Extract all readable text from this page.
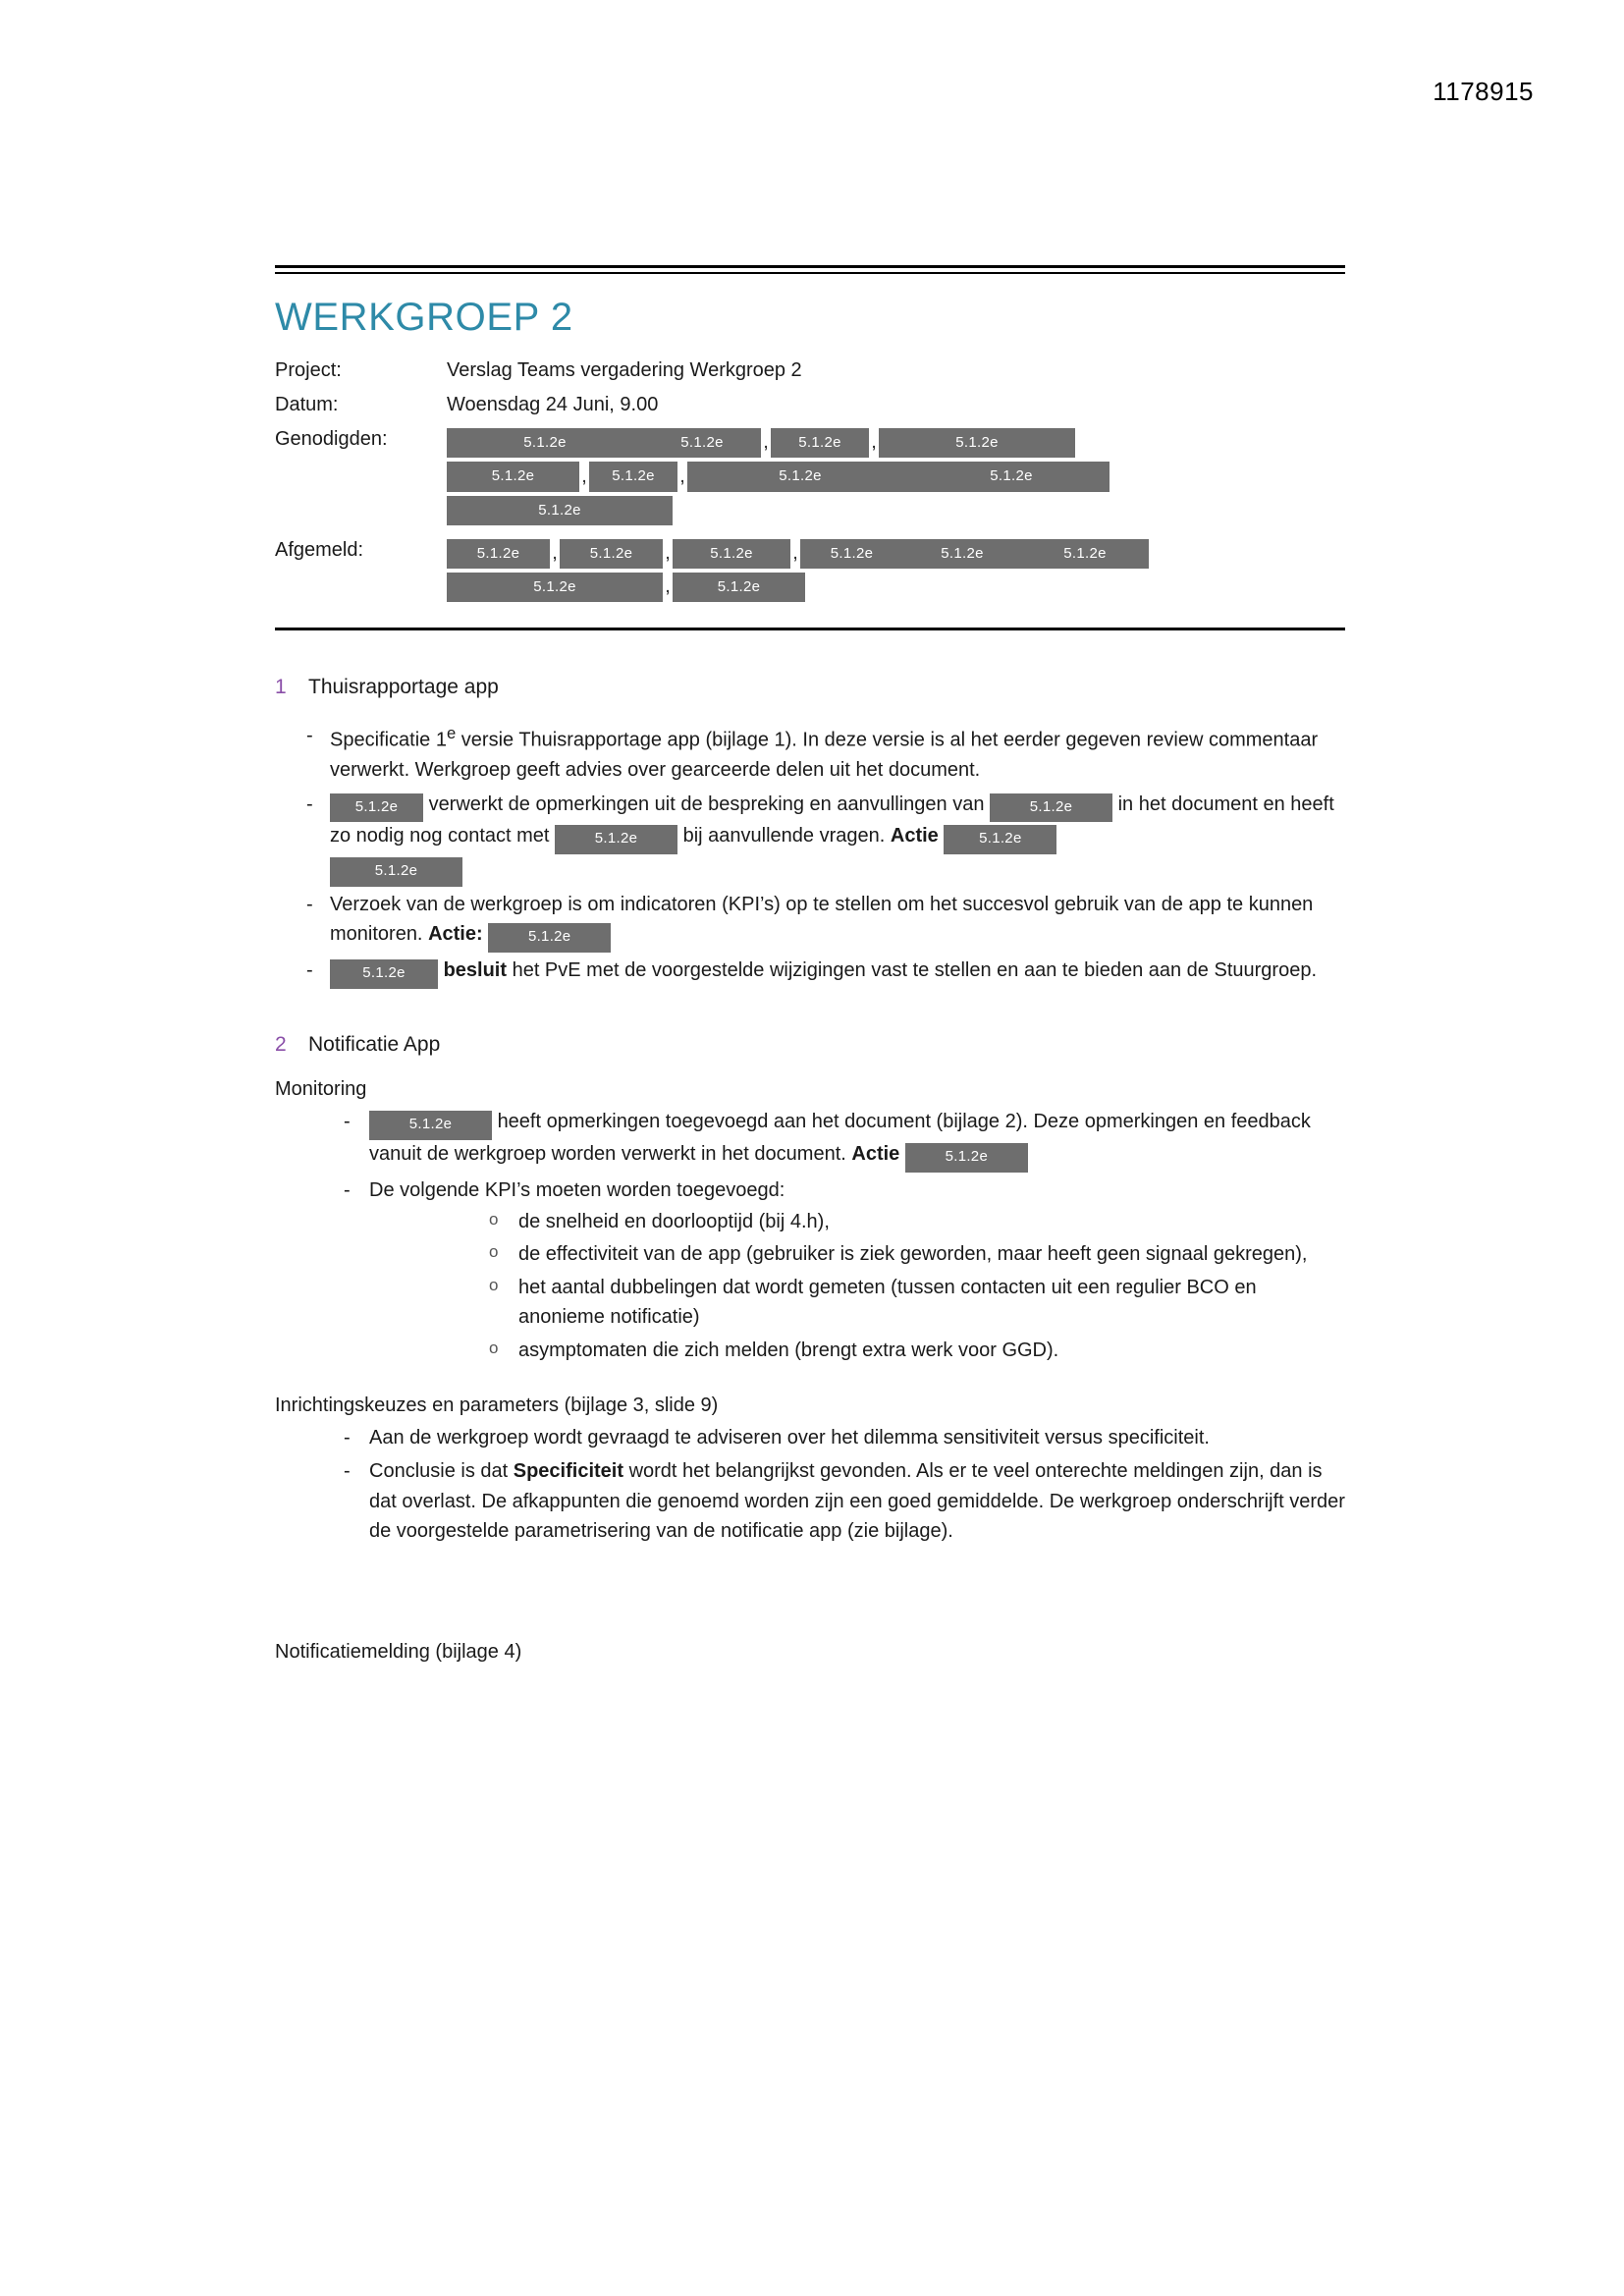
1178915
WERKGROEP 2
Project:	Verslag Teams vergadering Werkgroep 2
Datum:	Woensdag 24 Juni, 9.00
Genodigden:	5.1.2e	5.1.2e , 5.1.2e ,	5.1.2e
5.1.2e	, 5.1.2e ,	5.1.2e	5.1.2e
5.1.2e
Afgemeld:	5.1.2e , 5.1.2e ,	5.1.2e , 5.1.2e	5.1.2e	5.1.2e
5.1.2e	,	5.1.2e
1	Thuisrapportage app
- Specificatie 1e versie Thuisrapportage app (bijlage 1). In deze versie is al het eerder gegeven review commentaar verwerkt. Werkgroep geeft advies over gearceerde delen uit het document.
- 5.1.2e verwerkt de opmerkingen uit de bespreking en aanvullingen van	5.1.2e in het document en heeft zo nodig nog contact met	5.1.2e bij aanvullende vragen. Actie	5.1.2e
5.1.2e
- Verzoek van de werkgroep is om indicatoren (KPI’s) op te stellen om het succesvol gebruik van de app te kunnen monitoren. Actie:	5.1.2e
- 5.1.2e besluit het PvE met de voorgestelde wijzigingen vast te stellen en aan te bieden aan de Stuurgroep.
2	Notificatie App
Monitoring
- 5.1.2e heeft opmerkingen toegevoegd aan het document (bijlage 2). Deze opmerkingen en feedback vanuit de werkgroep worden verwerkt in het document. Actie	5.1.2e
- De volgende KPI’s moeten worden toegevoegd:
o de snelheid en doorlooptijd (bij 4.h),
o de effectiviteit van de app (gebruiker is ziek geworden, maar heeft geen signaal gekregen),
o het aantal dubbelingen dat wordt gemeten (tussen contacten uit een regulier BCO en anonieme notificatie)
o asymptomaten die zich melden (brengt extra werk voor GGD).
Inrichtingskeuzes en parameters (bijlage 3, slide 9)
- Aan de werkgroep wordt gevraagd te adviseren over het dilemma sensitiviteit versus specificiteit.
- Conclusie is dat Specificiteit wordt het belangrijkst gevonden. Als er te veel onterechte meldingen zijn, dan is dat overlast. De afkappunten die genoemd worden zijn een goed gemiddelde. De werkgroep onderschrijft verder de voorgestelde parametrisering van de notificatie app (zie bijlage).
Notificatiemelding (bijlage 4)
